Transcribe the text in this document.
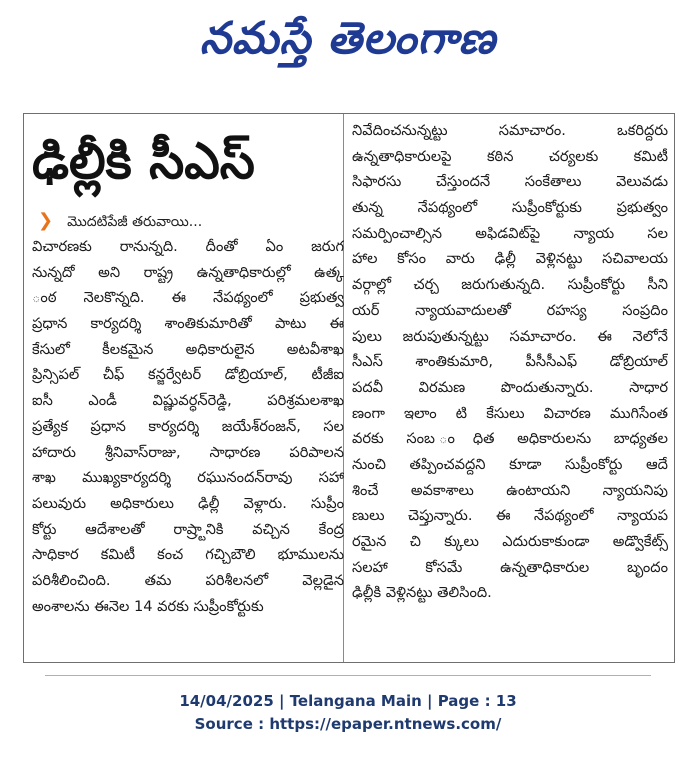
నమస్తే తెలంగాణ
ఢిల్లీకి సీఎస్
❯ మొదటిపేజీ తరువాయి...
విచారణకు రానున్నది. దీంతో ఏం జరుగ
నున్నదో అని రాష్ట్ర ఉన్నతాధికారుల్లో ఉత్క
ంఠ నెలకొన్నది. ఈ నేపథ్యంలో ప్రభుత్వ
ప్రధాన కార్యదర్శి శాంతికుమారితో పాటు ఈ
కేసులో కీలకమైన అధికారులైన అటవీశాఖ
ప్రిన్సిపల్ చీఫ్ కన్జర్వేటర్ డోబ్రియాల్, టీజీఐ
ఐసీ ఎండీ విష్ణువర్ధన్‌రెడ్డి, పరిశ్రమలశాఖ
ప్రత్యేక ప్రధాన కార్యదర్శి జయేశ్‌రంజన్, సల
హాదారు శ్రీనివాస్‌రాజు, సాధారణ పరిపాలన
శాఖ ముఖ్యకార్యదర్శి రఘునందన్‌రావు సహా
పలువురు అధికారులు ఢిల్లీ వెళ్లారు. సుప్రీం
కోర్టు ఆదేశాలతో రాష్ర్టానికి వచ్చిన కేంద్ర
సాధికార కమిటీ కంచ గచ్చిబౌలి భూములను
పరిశీలించింది. తమ పరిశీలనలో వెల్లడైన
అంశాలను ఈనెల 14 వరకు సుప్రీంకోర్టుకు
నివేదించనున్నట్టు సమాచారం. ఒకరిద్దరు
ఉన్నతాధికారులపై కఠిన చర్యలకు కమిటీ
సిఫారసు చేస్తుందనే సంకేతాలు వెలువడు
తున్న నేపథ్యంలో సుప్రీంకోర్టుకు ప్రభుత్వం
సమర్పించాల్సిన అఫిడవిట్‌పై న్యాయ సల
హాల కోసం వారు ఢిల్లీ వెళ్లినట్టు సచివాలయ
వర్గాల్లో చర్చ జరుగుతున్నది. సుప్రీంకోర్టు సీని
యర్ న్యాయవాదులతో రహస్య సంప్రదిం
పులు జరుపుతున్నట్టు సమాచారం. ఈ నెలోనే
సీఎస్ శాంతికుమారి, పీసీసీఎఫ్ డోబ్రియాల్
పదవీ విరమణ పొందుతున్నారు. సాధార
ణంగా ఇలాం టి కేసులు విచారణ ముగిసేంత
వరకు సంబ ంధిత అధికారులను బాధ్యతల
నుంచి తప్పించవద్దని కూడా సుప్రీంకోర్టు ఆదే
శించే అవకాశాలు ఉంటాయని న్యాయనిపు
ణులు చెప్తున్నారు. ఈ నేపథ్యంలో న్యాయప
రమైన చి క్కులు ఎదురుకాకుండా అడ్వొకేట్స్
సలహా కోసమే ఉన్నతాధికారుల బృందం
ఢిల్లీకి వెళ్లినట్టు తెలిసింది.
14/04/2025 | Telangana Main | Page : 13
Source : https://epaper.ntnews.com/
